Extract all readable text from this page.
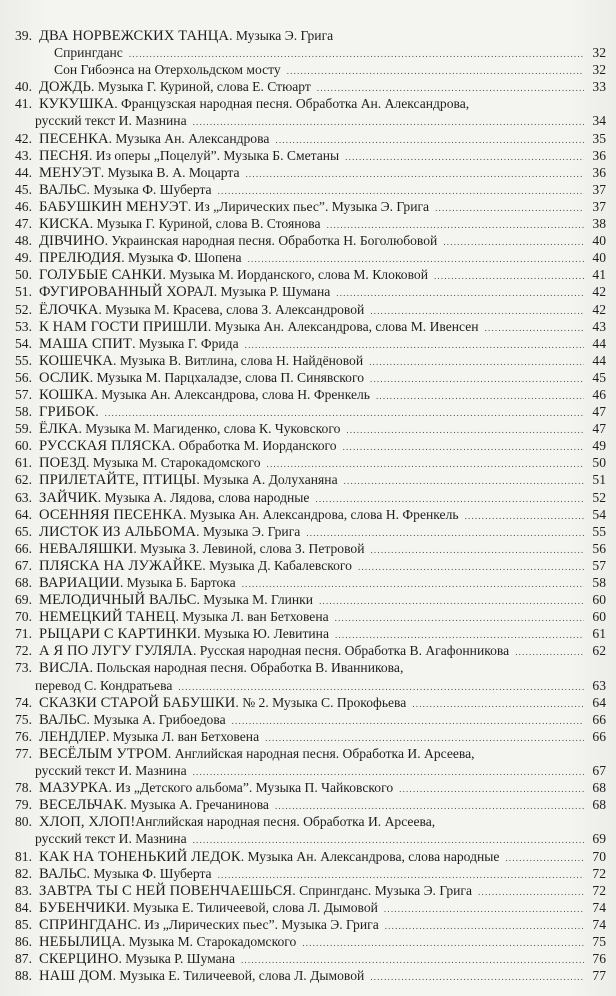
39. ДВА НОРВЕЖСКИХ ТАНЦА . Музыка Э. Грига
Спрингданс .....	32
Сон Гибоэнса на Отерхольдском мосту .....	32
40. ДОЖДЬ . Музыка Г. Куриной, слова Е. Стюарт .....	33
41. КУКУШКА . Французская народная песня. Обработка Ан. Александрова,
русский текст И. Мазнина .....	34
42. ПЕСЕНКА . Музыка Ан. Александрова .....	35
43. ПЕСНЯ . Из оперы „Поцелуй”. Музыка Б. Сметаны .....	36
44. МЕНУЭТ . Музыка В. А. Моцарта .....	36
45. ВАЛЬС . Музыка Ф. Шуберта .....	37
46. БАБУШКИН МЕНУЭТ . Из „Лирических пьес”. Музыка Э. Грига .....	37
47. КИСКА . Музыка Г. Куриной, слова В. Стоянова .....	38
48. ДІВЧИНО . Украинская народная песня. Обработка Н. Боголюбовой .....	40
49. ПРЕЛЮДИЯ . Музыка Ф. Шопена .....	40
50. ГОЛУБЫЕ САНКИ . Музыка М. Иорданского, слова М. Клоковой .....	41
51. ФУГИРОВАННЫЙ ХОРАЛ . Музыка Р. Шумана .....	42
52. ЁЛОЧКА . Музыка М. Красева, слова З. Александровой .....	42
53. К НАМ ГОСТИ ПРИШЛИ . Музыка Ан. Александрова, слова М. Ивенсен .....	43
54. МАША СПИТ . Музыка Г. Фрида .....	44
55. КОШЕЧКА . Музыка В. Витлина, слова Н. Найдёновой .....	44
56. ОСЛИК . Музыка М. Парцхаладзе, слова П. Синявского .....	45
57. КОШКА . Музыка Ан. Александрова, слова Н. Френкель .....	46
58. ГРИБОК . .....	47
59. ЁЛКА . Музыка М. Магиденко, слова К. Чуковского .....	47
60. РУССКАЯ ПЛЯСКА . Обработка М. Иорданского .....	49
61. ПОЕЗД . Музыка М. Старокадомского .....	50
62. ПРИЛЕТАЙТЕ, ПТИЦЫ . Музыка А. Долуханяна .....	51
63. ЗАЙЧИК . Музыка А. Лядова, слова народные .....	52
64. ОСЕННЯЯ ПЕСЕНКА . Музыка Ан. Александрова, слова Н. Френкель .....	54
65. ЛИСТОК ИЗ АЛЬБОМА . Музыка Э. Грига .....	55
66. НЕВАЛЯШКИ . Музыка З. Левиной, слова З. Петровой .....	56
67. ПЛЯСКА НА ЛУЖАЙКЕ . Музыка Д. Кабалевского .....	57
68. ВАРИАЦИИ . Музыка Б. Бартока .....	58
69. МЕЛОДИЧНЫЙ ВАЛЬС . Музыка М. Глинки .....	60
70. НЕМЕЦКИЙ ТАНЕЦ . Музыка Л. ван Бетховена .....	60
71. РЫЦАРИ С КАРТИНКИ . Музыка Ю. Левитина .....	61
72. А Я ПО ЛУГУ ГУЛЯЛА . Русская народная песня. Обработка В. Агафонникова .....	62
73. ВИСЛА . Польская народная песня. Обработка В. Иванникова,
перевод С. Кондратьева .....	63
74. СКАЗКИ СТАРОЙ БАБУШКИ . № 2. Музыка С. Прокофьева .....	64
75. ВАЛЬС . Музыка А. Грибоедова .....	66
76. ЛЕНДЛЕР . Музыка Л. ван Бетховена .....	66
77. ВЕСЁЛЫМ УТРОМ . Английская народная песня. Обработка И. Арсеева,
русский текст И. Мазнина .....	67
78. МАЗУРКА . Из „Детского альбома”. Музыка П. Чайковского .....	68
79. ВЕСЕЛЬЧАК . Музыка А. Гречанинова .....	68
80. ХЛОП, ХЛОП! Английская народная песня. Обработка И. Арсеева,
русский текст И. Мазнина .....	69
81. КАК НА ТОНЕНЬКИЙ ЛЕДОК . Музыка Ан. Александрова, слова народные .....	70
82. ВАЛЬС . Музыка Ф. Шуберта .....	72
83. ЗАВТРА ТЫ С НЕЙ ПОВЕНЧАЕШЬСЯ . Спрингданс. Музыка Э. Грига .....	72
84. БУБЕНЧИКИ . Музыка Е. Тиличеевой, слова Л. Дымовой .....	74
85. СПРИНГДАНС . Из „Лирических пьес”. Музыка Э. Грига .....	74
86. НЕБЫЛИЦА . Музыка М. Старокадомского .....	75
87. СКЕРЦИНО . Музыка Р. Шумана .....	76
88. НАШ ДОМ . Музыка Е. Тиличеевой, слова Л. Дымовой .....	77
